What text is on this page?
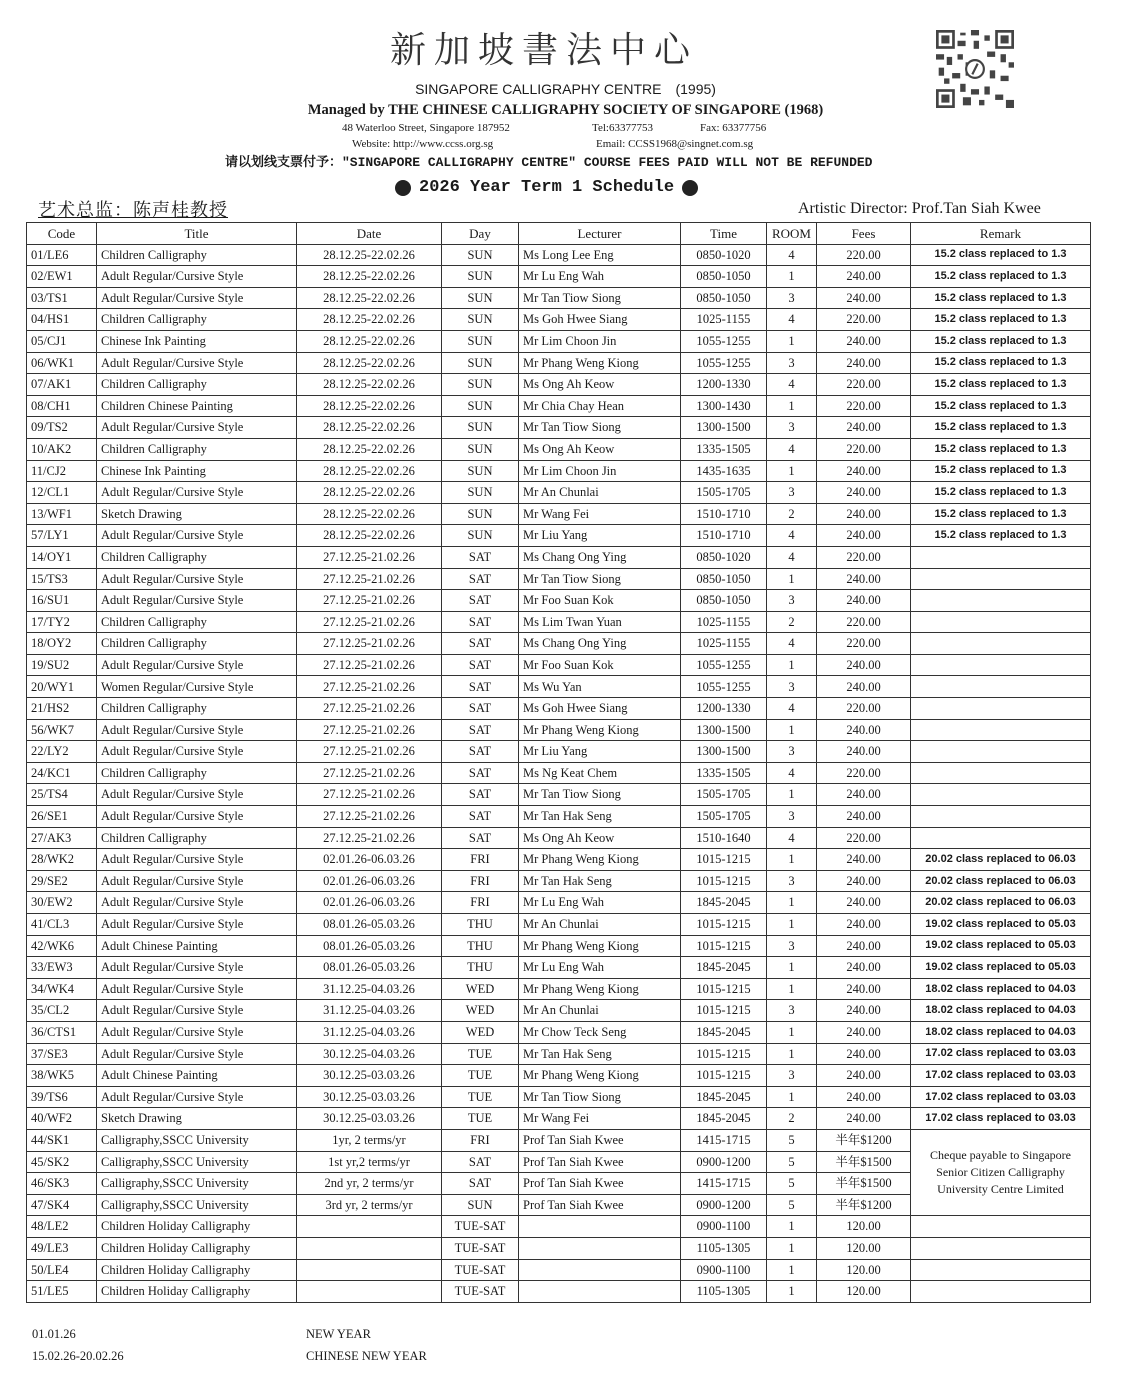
新加坡書法中心
SINGAPORE CALLIGRAPHY CENTRE (1995)
Managed by THE CHINESE CALLIGRAPHY SOCIETY OF SINGAPORE (1968)
48 Waterloo Street, Singapore 187952	Tel:63377753	Fax: 63377756
Website: http://www.ccss.org.sg	Email: CCSS1968@singnet.com.sg
请以划线支票付予："SINGAPORE CALLIGRAPHY CENTRE" COURSE FEES PAID WILL NOT BE REFUNDED
2026 Year Term 1 Schedule
艺术总监：陈声桂教授	Artistic Director: Prof.Tan Siah Kwee
Code	Title	Date	Day	Lecturer	Time	ROOM	Fees	Remark
01/LE6	Children Calligraphy	28.12.25-22.02.26	SUN	Ms Long Lee Eng	0850-1020	4	220.00	15.2 class replaced to 1.3
02/EW1	Adult Regular/Cursive Style	28.12.25-22.02.26	SUN	Mr Lu Eng Wah	0850-1050	1	240.00	15.2 class replaced to 1.3
03/TS1	Adult Regular/Cursive Style	28.12.25-22.02.26	SUN	Mr Tan Tiow Siong	0850-1050	3	240.00	15.2 class replaced to 1.3
04/HS1	Children Calligraphy	28.12.25-22.02.26	SUN	Ms Goh Hwee Siang	1025-1155	4	220.00	15.2 class replaced to 1.3
05/CJ1	Chinese Ink Painting	28.12.25-22.02.26	SUN	Mr Lim Choon Jin	1055-1255	1	240.00	15.2 class replaced to 1.3
06/WK1	Adult Regular/Cursive Style	28.12.25-22.02.26	SUN	Mr Phang Weng Kiong	1055-1255	3	240.00	15.2 class replaced to 1.3
07/AK1	Children Calligraphy	28.12.25-22.02.26	SUN	Ms Ong Ah Keow	1200-1330	4	220.00	15.2 class replaced to 1.3
08/CH1	Children Chinese Painting	28.12.25-22.02.26	SUN	Mr Chia Chay Hean	1300-1430	1	220.00	15.2 class replaced to 1.3
09/TS2	Adult Regular/Cursive Style	28.12.25-22.02.26	SUN	Mr Tan Tiow Siong	1300-1500	3	240.00	15.2 class replaced to 1.3
10/AK2	Children Calligraphy	28.12.25-22.02.26	SUN	Ms Ong Ah Keow	1335-1505	4	220.00	15.2 class replaced to 1.3
11/CJ2	Chinese Ink Painting	28.12.25-22.02.26	SUN	Mr Lim Choon Jin	1435-1635	1	240.00	15.2 class replaced to 1.3
12/CL1	Adult Regular/Cursive Style	28.12.25-22.02.26	SUN	Mr An Chunlai	1505-1705	3	240.00	15.2 class replaced to 1.3
13/WF1	Sketch Drawing	28.12.25-22.02.26	SUN	Mr Wang Fei	1510-1710	2	240.00	15.2 class replaced to 1.3
57/LY1	Adult Regular/Cursive Style	28.12.25-22.02.26	SUN	Mr Liu Yang	1510-1710	4	240.00	15.2 class replaced to 1.3
14/OY1	Children Calligraphy	27.12.25-21.02.26	SAT	Ms Chang Ong Ying	0850-1020	4	220.00	
15/TS3	Adult Regular/Cursive Style	27.12.25-21.02.26	SAT	Mr Tan Tiow Siong	0850-1050	1	240.00	
16/SU1	Adult Regular/Cursive Style	27.12.25-21.02.26	SAT	Mr Foo Suan Kok	0850-1050	3	240.00	
17/TY2	Children Calligraphy	27.12.25-21.02.26	SAT	Ms Lim Twan Yuan	1025-1155	2	220.00	
18/OY2	Children Calligraphy	27.12.25-21.02.26	SAT	Ms Chang Ong Ying	1025-1155	4	220.00	
19/SU2	Adult Regular/Cursive Style	27.12.25-21.02.26	SAT	Mr Foo Suan Kok	1055-1255	1	240.00	
20/WY1	Women Regular/Cursive Style	27.12.25-21.02.26	SAT	Ms Wu Yan	1055-1255	3	240.00	
21/HS2	Children Calligraphy	27.12.25-21.02.26	SAT	Ms Goh Hwee Siang	1200-1330	4	220.00	
56/WK7	Adult Regular/Cursive Style	27.12.25-21.02.26	SAT	Mr Phang Weng Kiong	1300-1500	1	240.00	
22/LY2	Adult Regular/Cursive Style	27.12.25-21.02.26	SAT	Mr Liu Yang	1300-1500	3	240.00	
24/KC1	Children Calligraphy	27.12.25-21.02.26	SAT	Ms Ng Keat Chem	1335-1505	4	220.00	
25/TS4	Adult Regular/Cursive Style	27.12.25-21.02.26	SAT	Mr Tan Tiow Siong	1505-1705	1	240.00	
26/SE1	Adult Regular/Cursive Style	27.12.25-21.02.26	SAT	Mr Tan Hak Seng	1505-1705	3	240.00	
27/AK3	Children Calligraphy	27.12.25-21.02.26	SAT	Ms Ong Ah Keow	1510-1640	4	220.00	
28/WK2	Adult Regular/Cursive Style	02.01.26-06.03.26	FRI	Mr Phang Weng Kiong	1015-1215	1	240.00	20.02 class replaced to 06.03
29/SE2	Adult Regular/Cursive Style	02.01.26-06.03.26	FRI	Mr Tan Hak Seng	1015-1215	3	240.00	20.02 class replaced to 06.03
30/EW2	Adult Regular/Cursive Style	02.01.26-06.03.26	FRI	Mr Lu Eng Wah	1845-2045	1	240.00	20.02 class replaced to 06.03
41/CL3	Adult Regular/Cursive Style	08.01.26-05.03.26	THU	Mr An Chunlai	1015-1215	1	240.00	19.02 class replaced to 05.03
42/WK6	Adult Chinese Painting	08.01.26-05.03.26	THU	Mr Phang Weng Kiong	1015-1215	3	240.00	19.02 class replaced to 05.03
33/EW3	Adult Regular/Cursive Style	08.01.26-05.03.26	THU	Mr Lu Eng Wah	1845-2045	1	240.00	19.02 class replaced to 05.03
34/WK4	Adult Regular/Cursive Style	31.12.25-04.03.26	WED	Mr Phang Weng Kiong	1015-1215	1	240.00	18.02 class replaced to 04.03
35/CL2	Adult Regular/Cursive Style	31.12.25-04.03.26	WED	Mr An Chunlai	1015-1215	3	240.00	18.02 class replaced to 04.03
36/CTS1	Adult Regular/Cursive Style	31.12.25-04.03.26	WED	Mr Chow Teck Seng	1845-2045	1	240.00	18.02 class replaced to 04.03
37/SE3	Adult Regular/Cursive Style	30.12.25-04.03.26	TUE	Mr Tan Hak Seng	1015-1215	1	240.00	17.02 class replaced to 03.03
38/WK5	Adult Chinese Painting	30.12.25-03.03.26	TUE	Mr Phang Weng Kiong	1015-1215	3	240.00	17.02 class replaced to 03.03
39/TS6	Adult Regular/Cursive Style	30.12.25-03.03.26	TUE	Mr Tan Tiow Siong	1845-2045	1	240.00	17.02 class replaced to 03.03
40/WF2	Sketch Drawing	30.12.25-03.03.26	TUE	Mr Wang Fei	1845-2045	2	240.00	17.02 class replaced to 03.03
44/SK1	Calligraphy,SSCC University	1yr, 2 terms/yr	FRI	Prof Tan Siah Kwee	1415-1715	5	半年$1200	Cheque payable to Singapore Senior Citizen Calligraphy University Centre Limited
45/SK2	Calligraphy,SSCC University	1st yr,2 terms/yr	SAT	Prof Tan Siah Kwee	0900-1200	5	半年$1500	
46/SK3	Calligraphy,SSCC University	2nd yr, 2 terms/yr	SAT	Prof Tan Siah Kwee	1415-1715	5	半年$1500	
47/SK4	Calligraphy,SSCC University	3rd yr, 2 terms/yr	SUN	Prof Tan Siah Kwee	0900-1200	5	半年$1200	
48/LE2	Children Holiday Calligraphy		TUE-SAT		0900-1100	1	120.00	
49/LE3	Children Holiday Calligraphy		TUE-SAT		1105-1305	1	120.00	
50/LE4	Children Holiday Calligraphy		TUE-SAT		0900-1100	1	120.00	
51/LE5	Children Holiday Calligraphy		TUE-SAT		1105-1305	1	120.00	
01.01.26	NEW YEAR
15.02.26-20.02.26	CHINESE NEW YEAR
